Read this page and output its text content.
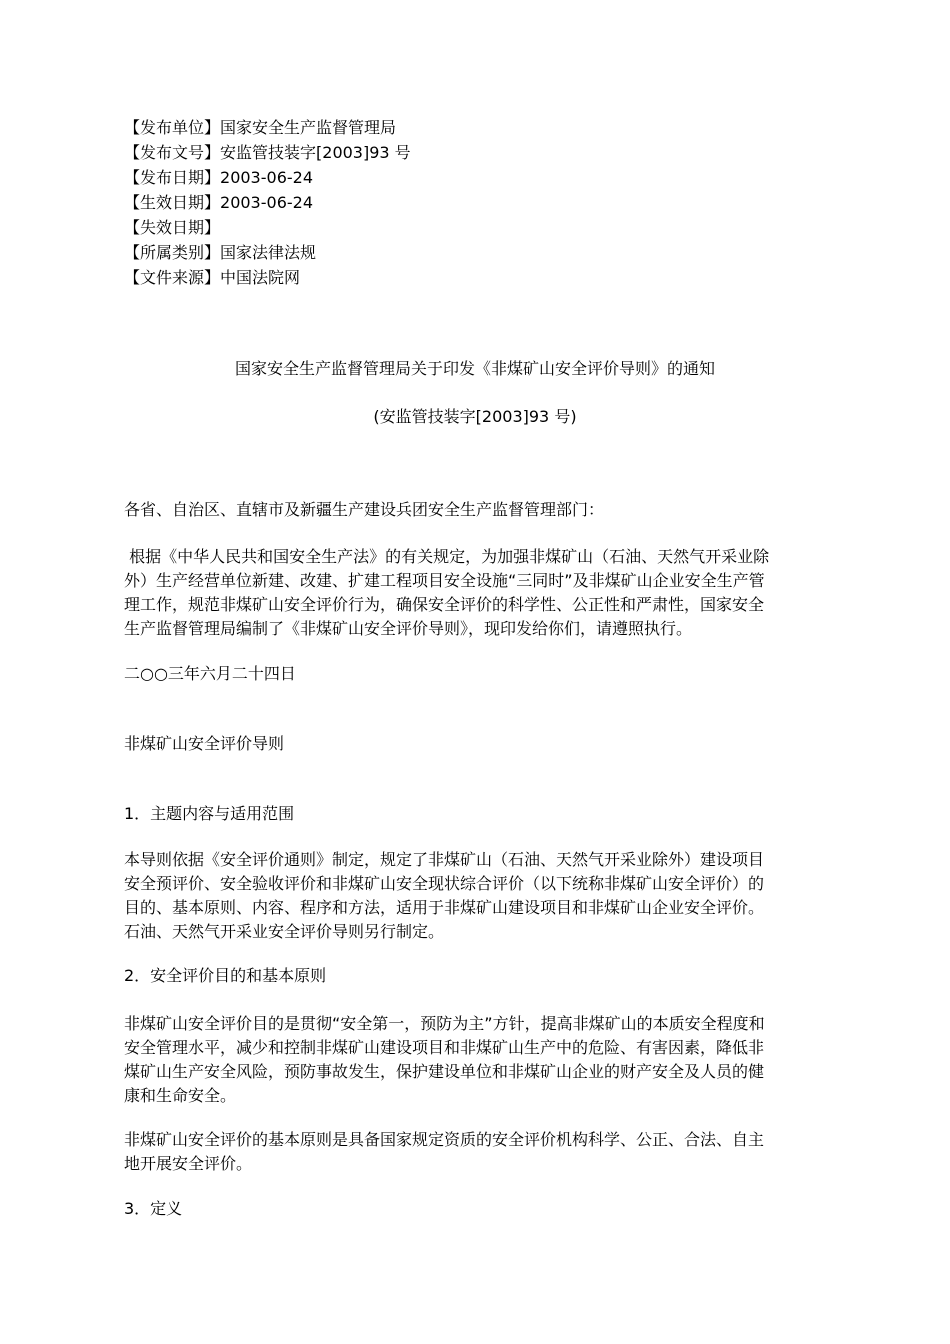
【发布单位】国家安全生产监督管理局
【发布文号】安监管技装字[2003]93 号
【发布日期】2003-06-24
【生效日期】2003-06-24
【失效日期】
【所属类别】国家法律法规
【文件来源】中国法院网
国家安全生产监督管理局关于印发《非煤矿山安全评价导则》的通知
(安监管技装字[2003]93 号)
各省、自治区、直辖市及新疆生产建设兵团安全生产监督管理部门：
根据《中华人民共和国安全生产法》的有关规定，为加强非煤矿山（石油、天然气开采业除
外）生产经营单位新建、改建、扩建工程项目安全设施“三同时”及非煤矿山企业安全生产管
理工作，规范非煤矿山安全评价行为，确保安全评价的科学性、公正性和严肃性，国家安全
生产监督管理局编制了《非煤矿山安全评价导则》，现印发给你们，请遵照执行。
二○○三年六月二十四日
非煤矿山安全评价导则
1．主题内容与适用范围
本导则依据《安全评价通则》制定，规定了非煤矿山（石油、天然气开采业除外）建设项目
安全预评价、安全验收评价和非煤矿山安全现状综合评价（以下统称非煤矿山安全评价）的
目的、基本原则、内容、程序和方法，适用于非煤矿山建设项目和非煤矿山企业安全评价。
石油、天然气开采业安全评价导则另行制定。
2．安全评价目的和基本原则
非煤矿山安全评价目的是贯彻“安全第一，预防为主”方针，提高非煤矿山的本质安全程度和
安全管理水平，减少和控制非煤矿山建设项目和非煤矿山生产中的危险、有害因素，降低非
煤矿山生产安全风险，预防事故发生，保护建设单位和非煤矿山企业的财产安全及人员的健
康和生命安全。
非煤矿山安全评价的基本原则是具备国家规定资质的安全评价机构科学、公正、合法、自主
地开展安全评价。
3．定义
